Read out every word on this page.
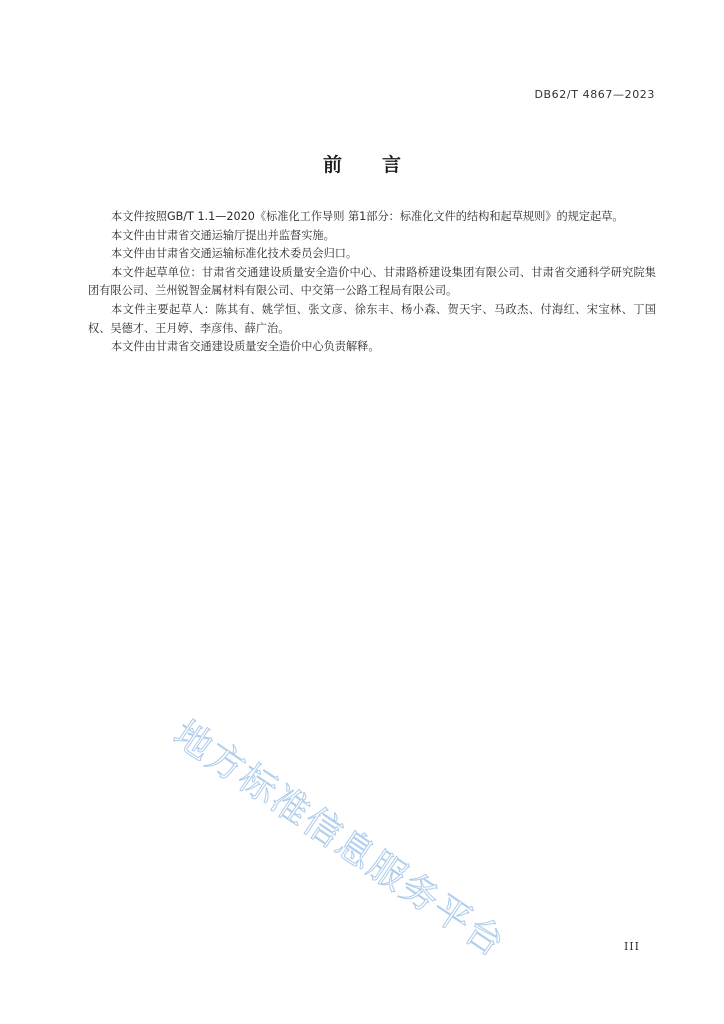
DB62/T 4867—2023
前言

本文件按照GB/T 1.1—2020《标准化工作导则 第1部分：标准化文件的结构和起草规则》的规定起草。

本文件由甘肃省交通运输厅提出并监督实施。

本文件由甘肃省交通运输标准化技术委员会归口。

本文件起草单位：甘肃省交通建设质量安全造价中心、甘肃路桥建设集团有限公司、甘肃省交通科学研究院集团有限公司、兰州锐智金属材料有限公司、中交第一公路工程局有限公司。

本文件主要起草人：陈其有、姚学恒、张文彦、徐东丰、杨小森、贺天宇、马政杰、付海红、宋宝林、丁国权、吴德才、王月婷、李彦伟、薛广治。

本文件由甘肃省交通建设质量安全造价中心负责解释。

地方标准信息服务平台	III
